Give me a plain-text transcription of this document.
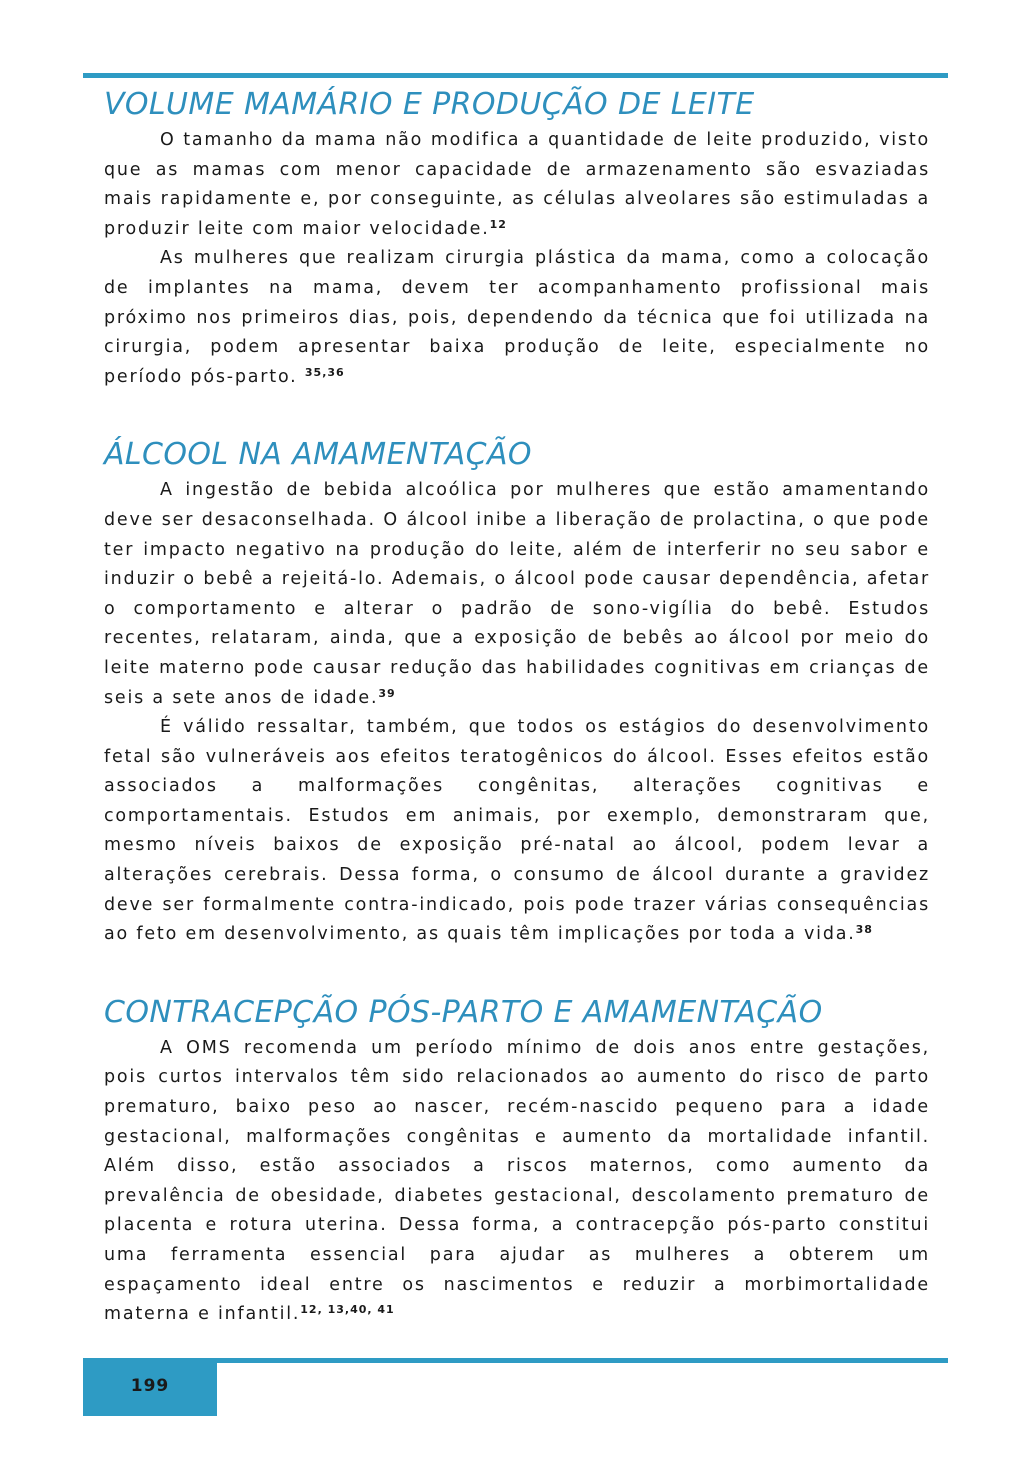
VOLUME MAMÁRIO E PRODUÇÃO DE LEITE

O tamanho da mama não modifica a quantidade de leite produzido, visto que as mamas com menor capacidade de armazenamento são esvaziadas mais rapidamente e, por conseguinte, as células alveolares são estimuladas a produzir leite com maior velocidade.$^{12}$

As mulheres que realizam cirurgia plástica da mama, como a colocação de implantes na mama, devem ter acompanhamento profissional mais próximo nos primeiros dias, pois, dependendo da técnica que foi utilizada na cirurgia, podem apresentar baixa produção de leite, especialmente no período pós-parto. $^{35,36}$

ÁLCOOL NA AMAMENTAÇÃO

A ingestão de bebida alcoólica por mulheres que estão amamentando deve ser desaconselhada. O álcool inibe a liberação de prolactina, o que pode ter impacto negativo na produção do leite, além de interferir no seu sabor e induzir o bebê a rejeitá-lo. Ademais, o álcool pode causar dependência, afetar o comportamento e alterar o padrão de sono-vigília do bebê. Estudos recentes, relataram, ainda, que a exposição de bebês ao álcool por meio do leite materno pode causar redução das habilidades cognitivas em crianças de seis a sete anos de idade.$^{39}$

É válido ressaltar, também, que todos os estágios do desenvolvimento fetal são vulneráveis aos efeitos teratogênicos do álcool. Esses efeitos estão associados a malformações congênitas, alterações cognitivas e comportamentais. Estudos em animais, por exemplo, demonstraram que, mesmo níveis baixos de exposição pré-natal ao álcool, podem levar a alterações cerebrais. Dessa forma, o consumo de álcool durante a gravidez deve ser formalmente contra-indicado, pois pode trazer várias consequências ao feto em desenvolvimento, as quais têm implicações por toda a vida.$^{38}$

CONTRACEPÇÃO PÓS-PARTO E AMAMENTAÇÃO

A OMS recomenda um período mínimo de dois anos entre gestações, pois curtos intervalos têm sido relacionados ao aumento do risco de parto prematuro, baixo peso ao nascer, recém-nascido pequeno para a idade gestacional, malformações congênitas e aumento da mortalidade infantil. Além disso, estão associados a riscos maternos, como aumento da prevalência de obesidade, diabetes gestacional, descolamento prematuro de placenta e rotura uterina. Dessa forma, a contracepção pós-parto constitui uma ferramenta essencial para ajudar as mulheres a obterem um espaçamento ideal entre os nascimentos e reduzir a morbimortalidade materna e infantil.$^{12, 13,40, 41}$

199
